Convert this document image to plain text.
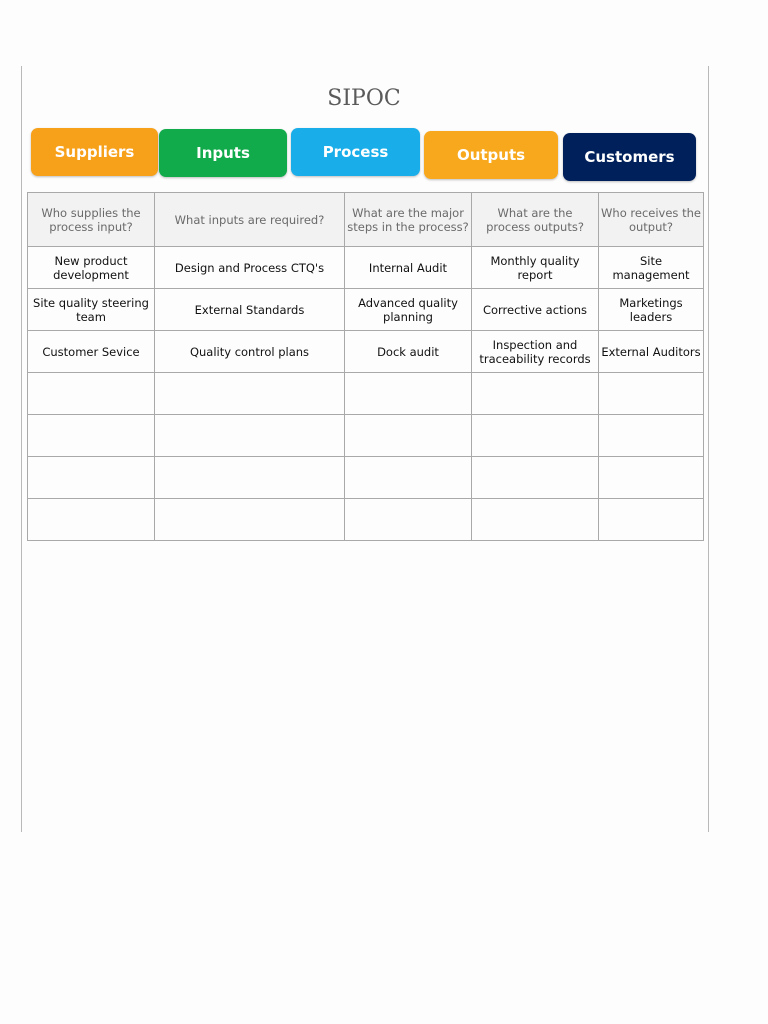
SIPOC
Suppliers	Inputs	Process	Outputs	Customers
Who supplies the process input?	What inputs are required?	What are the major steps in the process?	What are the process outputs?	Who receives the output?
New product development	Design and Process CTQ's	Internal Audit	Monthly quality report	Site management
Site quality steering team	External Standards	Advanced quality planning	Corrective actions	Marketings leaders
Customer Sevice	Quality control plans	Dock audit	Inspection and traceability records	External Auditors
